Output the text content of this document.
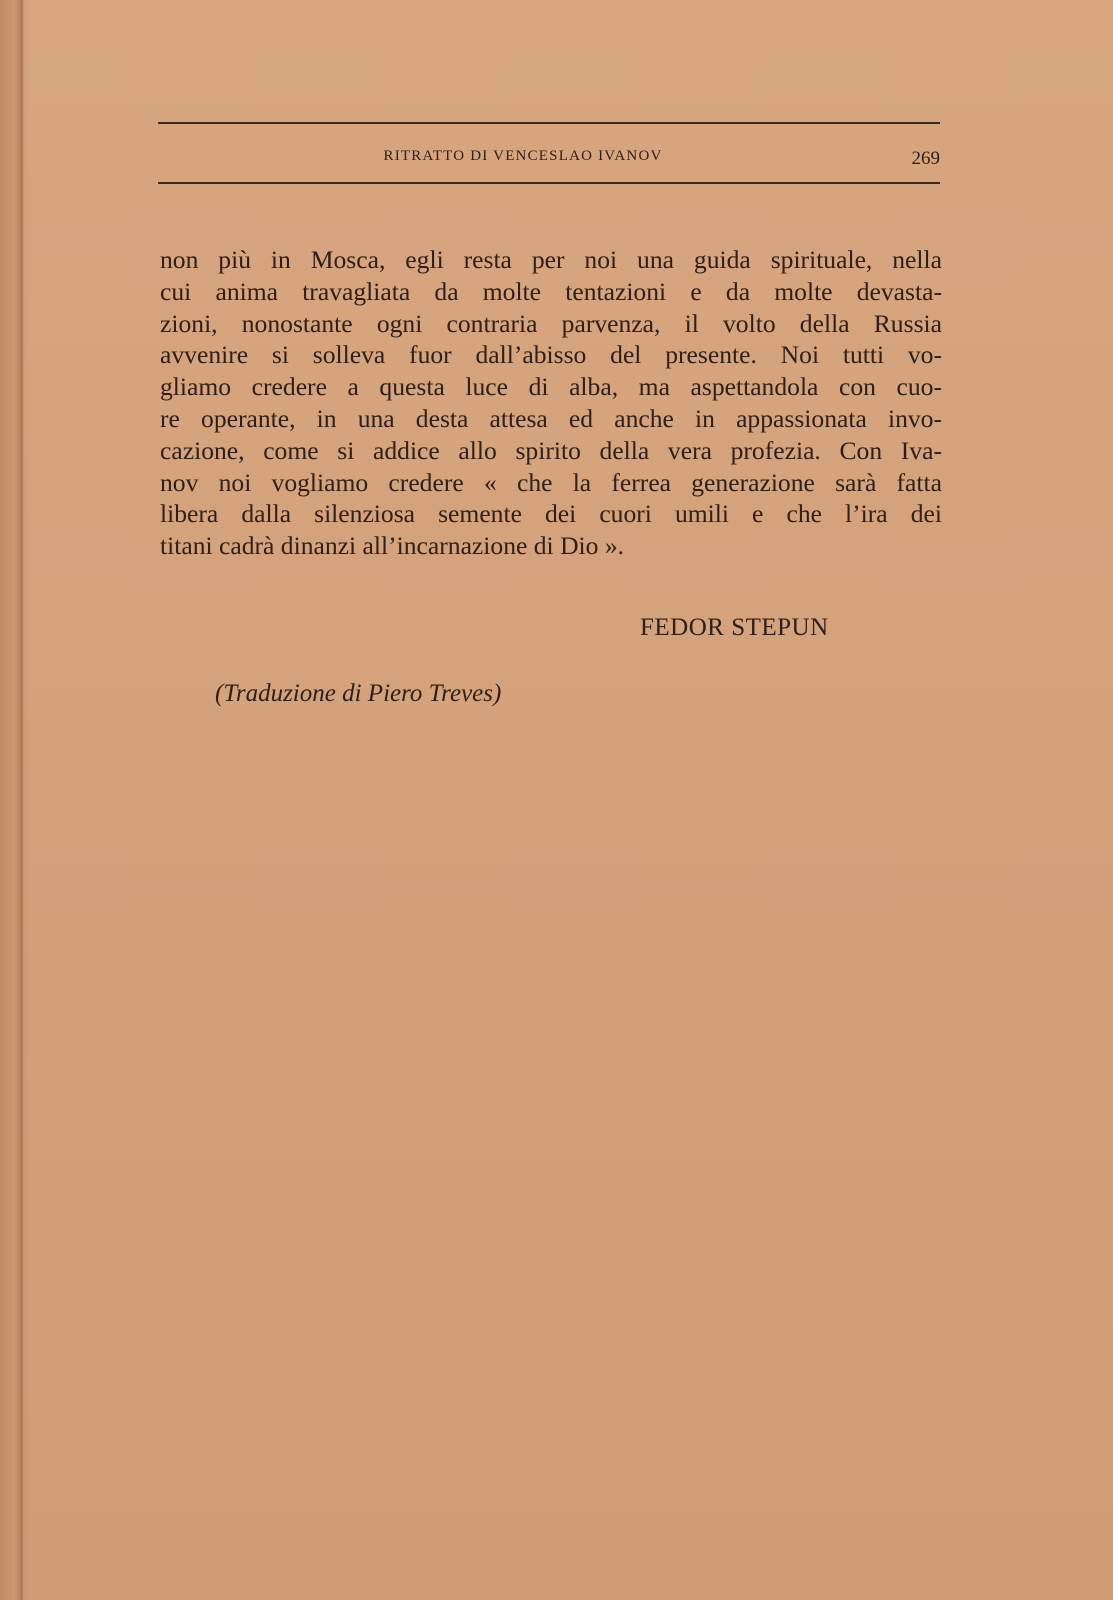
RITRATTO DI VENCESLAO IVANOV	269
non più in Mosca, egli resta per noi una guida spirituale, nella
cui anima travagliata da molte tentazioni e da molte devasta-
zioni, nonostante ogni contraria parvenza, il volto della Russia
avvenire si solleva fuor dall’abisso del presente. Noi tutti vo-
gliamo credere a questa luce di alba, ma aspettandola con cuo-
re operante, in una desta attesa ed anche in appassionata invo-
cazione, come si addice allo spirito della vera profezia. Con Iva-
nov noi vogliamo credere « che la ferrea generazione sarà fatta
libera dalla silenziosa semente dei cuori umili e che l’ira dei
titani cadrà dinanzi all’incarnazione di Dio ».
FEDOR STEPUN
(Traduzione di Piero Treves)
